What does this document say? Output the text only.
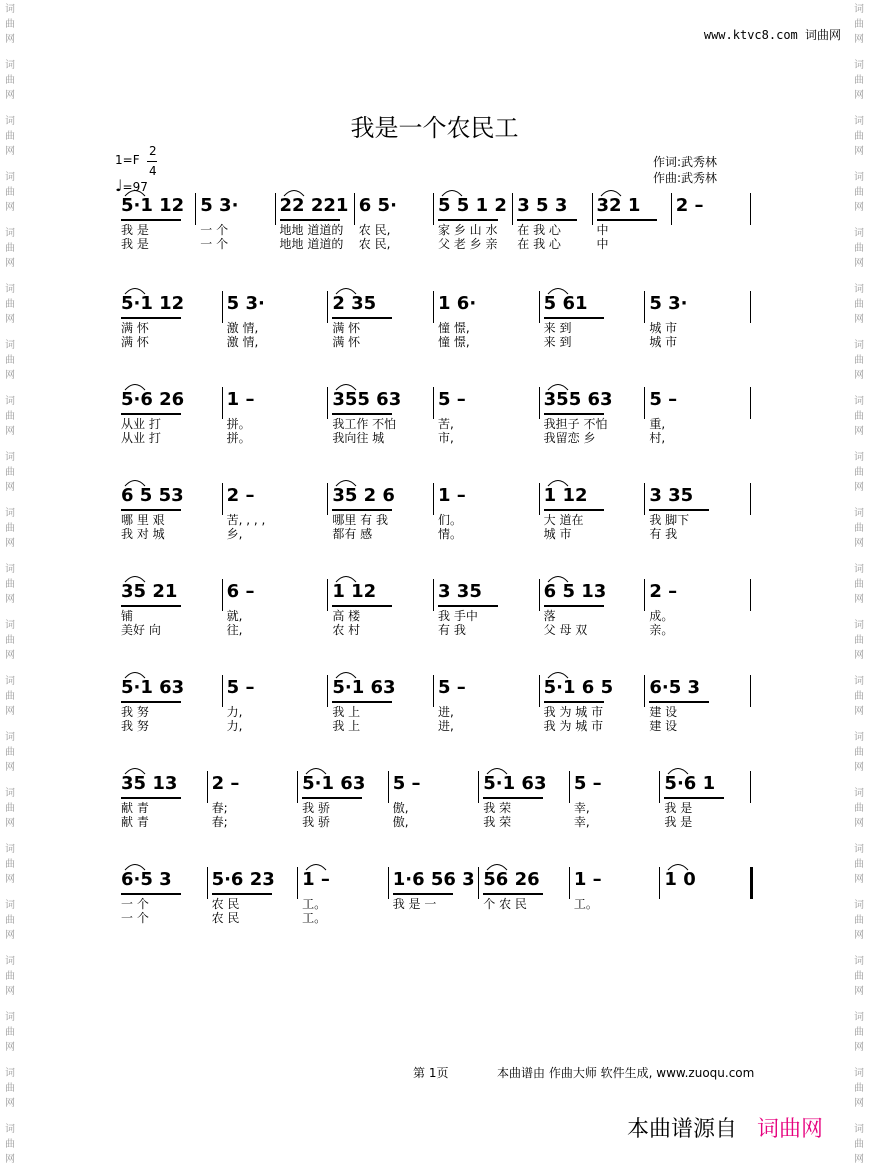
词
曲
网
词
曲
网
词
曲
网
词
曲
网
词
曲
网
词
曲
网
词
曲
网
词
曲
网
词
曲
网
词
曲
网
词
曲
网
词
曲
网
词
曲
网
词
曲
网
词
曲
网
词
曲
网
词
曲
网
词
曲
网
词
曲
网
词
曲
网
词
曲
网
词
曲
网
词
曲
网
词
曲
网
词
曲
网
词
曲
网
词
曲
网
词
曲
网
词
曲
网
词
曲
网
词
曲
网
词
曲
网
词
曲
网
词
曲
网
词
曲
网
词
曲
网
词
曲
网
词
曲
网
词
曲
网
词
曲
网
词
曲
网
词
曲
网
www.ktvc8.com 词曲网
我是一个农民工
1=F
2
4
♩=97
作词:武秀林
作曲:武秀林
5·1 12
我 是
我 是
5 3·
一 个
一 个
22 221
地地 道道的
地地 道道的
6 5·
农 民,
农 民,
5 5 1 2
家 乡 山 水
父 老 乡 亲
3 5 3
在 我 心
在 我 心
32 1
中
中
2 –
5·1 12
满 怀
满 怀
5 3·
激 情,
激 情,
2 35
满 怀
满 怀
1 6·
憧 憬,
憧 憬,
5 61
来 到
来 到
5 3·
城 市
城 市
5·6 26
从业 打
从业 打
1 –
拼。
拼。
355 63
我工作 不怕
我向往 城
5 –
苦,
市,
355 63
我担子 不怕
我留恋 乡
5 –
重,
村,
6 5 53
哪 里 艰
我 对 城
2 –
苦, , , ,
乡,
35 2 6
哪里 有 我
都有 感
1 –
们。
情。
1 12
大 道在
城 市
3 35
我 脚下
有 我
35 21
铺
美好 向
6 –
就,
往,
1 12
高 楼
农 村
3 35
我 手中
有 我
6 5 13
落
父 母 双
2 –
成。
亲。
5·1 63
我 努
我 努
5 –
力,
力,
5·1 63
我 上
我 上
5 –
进,
进,
5·1 6 5
我 为 城 市
我 为 城 市
6·5 3
建 设
建 设
35 13
献 青
献 青
2 –
春;
春;
5·1 63
我 骄
我 骄
5 –
傲,
傲,
5·1 63
我 荣
我 荣
5 –
幸,
幸,
5·6 1
我 是
我 是
6·5 3
一 个
一 个
5·6 23
农 民
农 民
1 –
工。
工。
1·6 56 3
我 是 一
56 26
个 农 民
1 –
工。
1 0
第 1页	本曲谱由 作曲大师 软件生成, www.zuoqu.com
本曲谱源自 词曲网
